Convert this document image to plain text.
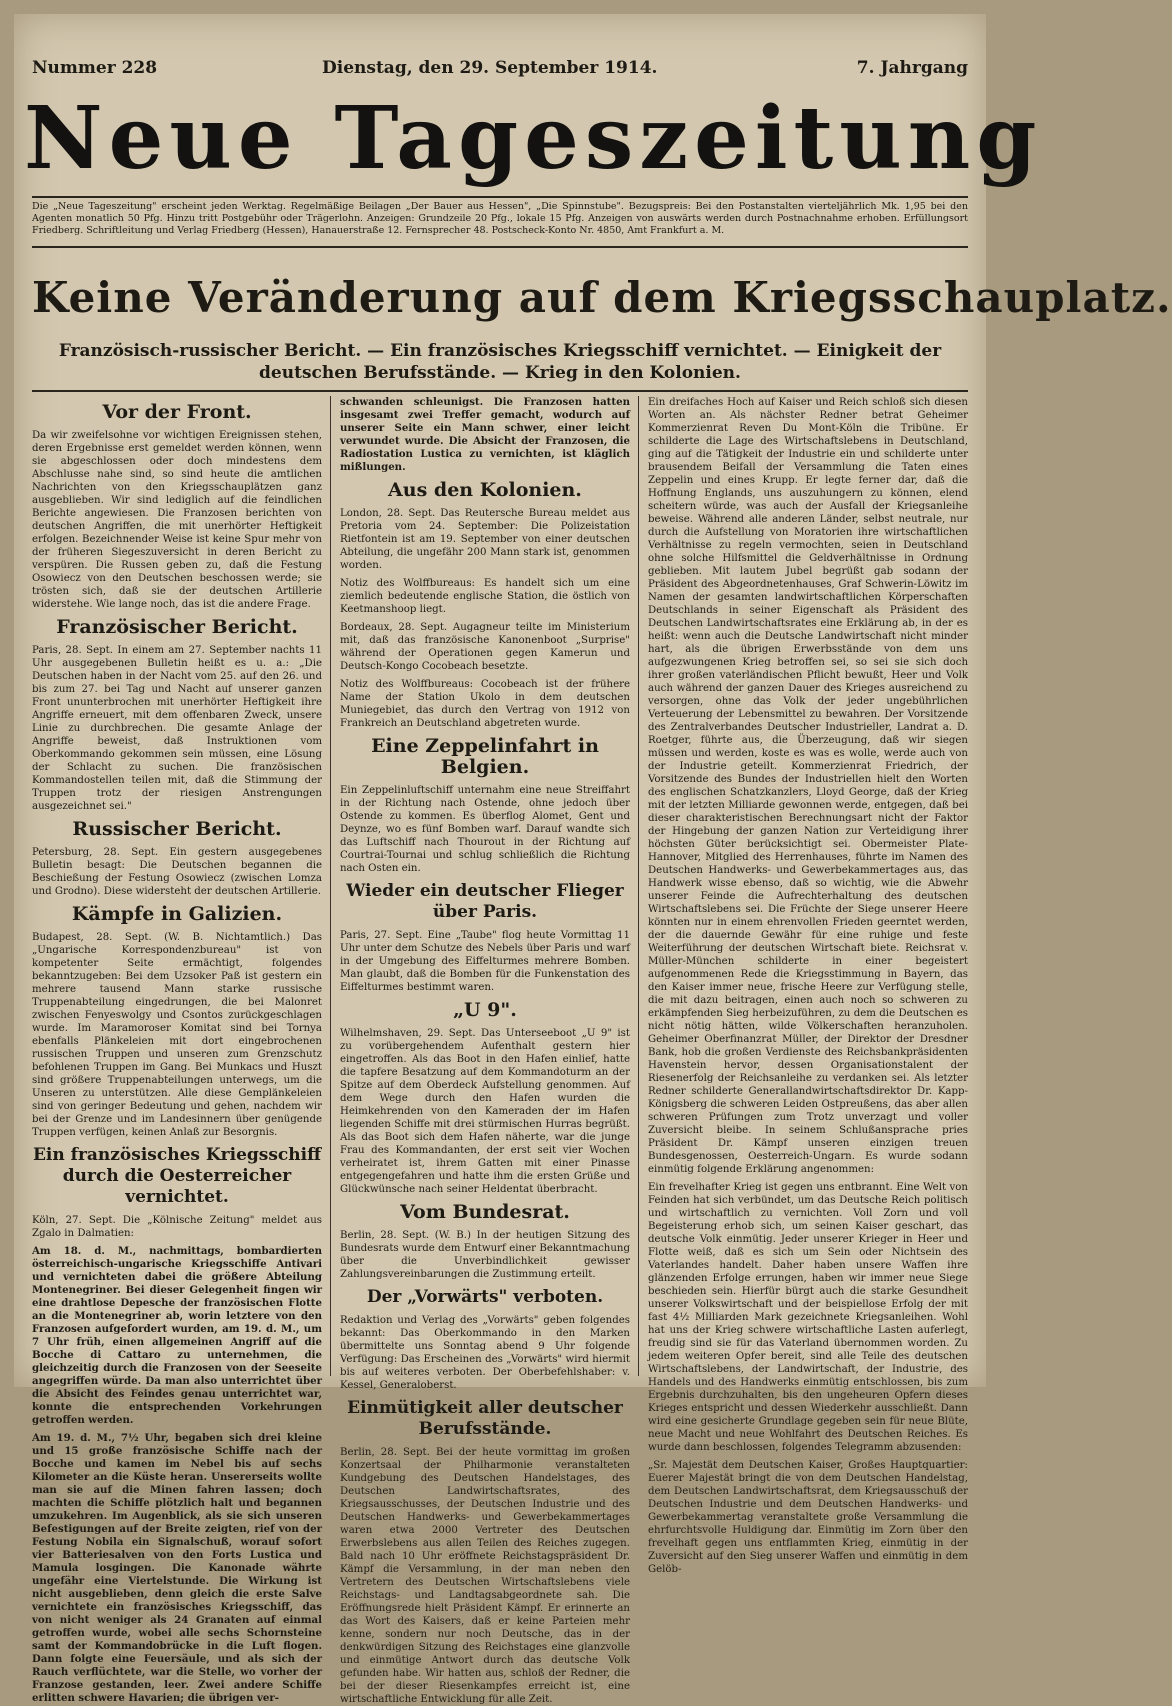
Nummer 228	Dienstag, den 29. September 1914.	7. Jahrgang
Neue Tageszeitung
Die „Neue Tageszeitung" erscheint jeden Werktag. Regelmäßige Beilagen „Der Bauer aus Hessen", „Die Spinnstube". Bezugspreis: Bei den Postanstalten vierteljährlich Mk. 1,95 bei den Agenten monatlich 50 Pfg. Hinzu tritt Postgebühr oder Trägerlohn. Anzeigen: Grundzeile 20 Pfg., lokale 15 Pfg. Anzeigen von auswärts werden durch Postnachnahme erhoben. Erfüllungsort Friedberg. Schriftleitung und Verlag Friedberg (Hessen), Hanauerstraße 12. Fernsprecher 48. Postscheck-Konto Nr. 4850, Amt Frankfurt a. M.
Keine Veränderung auf dem Kriegsschauplatz.
Französisch-russischer Bericht. — Ein französisches Kriegsschiff vernichtet. — Einigkeit der deutschen Berufsstände. — Krieg in den Kolonien.
Vor der Front.

Da wir zweifelsohne vor wichtigen Ereignissen stehen, deren Ergebnisse erst gemeldet werden können, wenn sie abgeschlossen oder doch mindestens dem Abschlusse nahe sind, so sind heute die amtlichen Nachrichten von den Kriegsschauplätzen ganz ausgeblieben. Wir sind lediglich auf die feindlichen Berichte angewiesen. Die Franzosen berichten von deutschen Angriffen, die mit unerhörter Heftigkeit erfolgen. Bezeichnender Weise ist keine Spur mehr von der früheren Siegeszuversicht in deren Bericht zu verspüren. Die Russen geben zu, daß die Festung Osowiecz von den Deutschen beschossen werde; sie trösten sich, daß sie der deutschen Artillerie widerstehe. Wie lange noch, das ist die andere Frage.

Französischer Bericht.

Paris, 28. Sept. In einem am 27. September nachts 11 Uhr ausgegebenen Bulletin heißt es u. a.: „Die Deutschen haben in der Nacht vom 25. auf den 26. und bis zum 27. bei Tag und Nacht auf unserer ganzen Front ununterbrochen mit unerhörter Heftigkeit ihre Angriffe erneuert, mit dem offenbaren Zweck, unsere Linie zu durchbrechen. Die gesamte Anlage der Angriffe beweist, daß Instruktionen vom Oberkommando gekommen sein müssen, eine Lösung der Schlacht zu suchen. Die französischen Kommandostellen teilen mit, daß die Stimmung der Truppen trotz der riesigen Anstrengungen ausgezeichnet sei."

Russischer Bericht.

Petersburg, 28. Sept. Ein gestern ausgegebenes Bulletin besagt: Die Deutschen begannen die Beschießung der Festung Osowiecz (zwischen Lomza und Grodno). Diese widersteht der deutschen Artillerie.

Kämpfe in Galizien.

Budapest, 28. Sept. (W. B. Nichtamtlich.) Das „Ungarische Korrespondenzbureau" ist von kompetenter Seite ermächtigt, folgendes bekanntzugeben: Bei dem Uzsoker Paß ist gestern ein mehrere tausend Mann starke russische Truppenabteilung eingedrungen, die bei Malonret zwischen Fenyeswolgy und Csontos zurückgeschlagen wurde. Im Maramoroser Komitat sind bei Tornya ebenfalls Plänkeleien mit dort eingebrochenen russischen Truppen und unseren zum Grenzschutz befohlenen Truppen im Gang. Bei Munkacs und Huszt sind größere Truppenabteilungen unterwegs, um die Unseren zu unterstützen. Alle diese Gemplänkeleien sind von geringer Bedeutung und gehen, nachdem wir bei der Grenze und im Landesinnern über genügende Truppen verfügen, keinen Anlaß zur Besorgnis.

Ein französisches Kriegsschiff durch die Oesterreicher vernichtet.

Köln, 27. Sept. Die „Kölnische Zeitung" meldet aus Zgalo in Dalmatien:

Am 18. d. M., nachmittags, bombardierten österreichisch-ungarische Kriegsschiffe Antivari und vernichteten dabei die größere Abteilung Montenegriner. Bei dieser Gelegenheit fingen wir eine drahtlose Depesche der französischen Flotte an die Montenegriner ab, worin letztere von den Franzosen aufgefordert wurden, am 19. d. M., um 7 Uhr früh, einen allgemeinen Angriff auf die Bocche di Cattaro zu unternehmen, die gleichzeitig durch die Franzosen von der Seeseite angegriffen würde. Da man also unterrichtet über die Absicht des Feindes genau unterrichtet war, konnte die entsprechenden Vorkehrungen getroffen werden.

Am 19. d. M., 7½ Uhr, begaben sich drei kleine und 15 große französische Schiffe nach der Bocche und kamen im Nebel bis auf sechs Kilometer an die Küste heran. Unsererseits wollte man sie auf die Minen fahren lassen; doch machten die Schiffe plötzlich halt und begannen umzukehren. Im Augenblick, als sie sich unseren Befestigungen auf der Breite zeigten, rief von der Festung Nobila ein Signalschuß, worauf sofort vier Batteriesalven von den Forts Lustica und Mamula losgingen. Die Kanonade währte ungefähr eine Viertelstunde. Die Wirkung ist nicht ausgeblieben, denn gleich die erste Salve vernichtete ein französisches Kriegsschiff, das von nicht weniger als 24 Granaten auf einmal getroffen wurde, wobei alle sechs Schornsteine samt der Kommandobrücke in die Luft flogen. Dann folgte eine Feuersäule, und als sich der Rauch verflüchtete, war die Stelle, wo vorher der Franzose gestanden, leer. Zwei andere Schiffe erlitten schwere Havarien; die übrigen ver-

schwanden schleunigst. Die Franzosen hatten insgesamt zwei Treffer gemacht, wodurch auf unserer Seite ein Mann schwer, einer leicht verwundet wurde. Die Absicht der Franzosen, die Radiostation Lustica zu vernichten, ist kläglich mißlungen.

Aus den Kolonien.

London, 28. Sept. Das Reutersche Bureau meldet aus Pretoria vom 24. September: Die Polizeistation Rietfontein ist am 19. September von einer deutschen Abteilung, die ungefähr 200 Mann stark ist, genommen worden.

Notiz des Wolffbureaus: Es handelt sich um eine ziemlich bedeutende englische Station, die östlich von Keetmanshoop liegt.

Bordeaux, 28. Sept. Augagneur teilte im Ministerium mit, daß das französische Kanonenboot „Surprise" während der Operationen gegen Kamerun und Deutsch-Kongo Cocobeach besetzte.

Notiz des Wolffbureaus: Cocobeach ist der frühere Name der Station Ukolo in dem deutschen Muniegebiet, das durch den Vertrag von 1912 von Frankreich an Deutschland abgetreten wurde.

Eine Zeppelinfahrt in Belgien.

Ein Zeppelinluftschiff unternahm eine neue Streiffahrt in der Richtung nach Ostende, ohne jedoch über Ostende zu kommen. Es überflog Alomet, Gent und Deynze, wo es fünf Bomben warf. Darauf wandte sich das Luftschiff nach Thourout in der Richtung auf Courtrai-Tournai und schlug schließlich die Richtung nach Osten ein.

Wieder ein deutscher Flieger über Paris.

Paris, 27. Sept. Eine „Taube" flog heute Vormittag 11 Uhr unter dem Schutze des Nebels über Paris und warf in der Umgebung des Eiffelturmes mehrere Bomben. Man glaubt, daß die Bomben für die Funkenstation des Eiffelturmes bestimmt waren.

„U 9".

Wilhelmshaven, 29. Sept. Das Unterseeboot „U 9" ist zu vorübergehendem Aufenthalt gestern hier eingetroffen. Als das Boot in den Hafen einlief, hatte die tapfere Besatzung auf dem Kommandoturm an der Spitze auf dem Oberdeck Aufstellung genommen. Auf dem Wege durch den Hafen wurden die Heimkehrenden von den Kameraden der im Hafen liegenden Schiffe mit drei stürmischen Hurras begrüßt. Als das Boot sich dem Hafen näherte, war die junge Frau des Kommandanten, der erst seit vier Wochen verheiratet ist, ihrem Gatten mit einer Pinasse entgegengefahren und hatte ihm die ersten Grüße und Glückwünsche nach seiner Heldentat überbracht.

Vom Bundesrat.

Berlin, 28. Sept. (W. B.) In der heutigen Sitzung des Bundesrats wurde dem Entwurf einer Bekanntmachung über die Unverbindlichkeit gewisser Zahlungsvereinbarungen die Zustimmung erteilt.

Der „Vorwärts" verboten.

Redaktion und Verlag des „Vorwärts" geben folgendes bekannt: Das Oberkommando in den Marken übermittelte uns Sonntag abend 9 Uhr folgende Verfügung: Das Erscheinen des „Vorwärts" wird hiermit bis auf weiteres verboten. Der Oberbefehlshaber: v. Kessel, Generaloberst.

Einmütigkeit aller deutscher Berufsstände.

Berlin, 28. Sept. Bei der heute vormittag im großen Konzertsaal der Philharmonie veranstalteten Kundgebung des Deutschen Handelstages, des Deutschen Landwirtschaftsrates, des Kriegsausschusses, der Deutschen Industrie und des Deutschen Handwerks- und Gewerbekammertages waren etwa 2000 Vertreter des Deutschen Erwerbslebens aus allen Teilen des Reiches zugegen. Bald nach 10 Uhr eröffnete Reichstagspräsident Dr. Kämpf die Versammlung, in der man neben den Vertretern des Deutschen Wirtschaftslebens viele Reichstags- und Landtagsabgeordnete sah. Die Eröffnungsrede hielt Präsident Kämpf. Er erinnerte an das Wort des Kaisers, daß er keine Parteien mehr kenne, sondern nur noch Deutsche, das in der denkwürdigen Sitzung des Reichstages eine glanzvolle und einmütige Antwort durch das deutsche Volk gefunden habe. Wir hatten aus, schloß der Redner, die bei der dieser Riesenkampfes erreicht ist, eine wirtschaftliche Entwicklung für alle Zeit.

Ein dreifaches Hoch auf Kaiser und Reich schloß sich diesen Worten an. Als nächster Redner betrat Geheimer Kommerzienrat Reven Du Mont-Köln die Tribüne. Er schilderte die Lage des Wirtschaftslebens in Deutschland, ging auf die Tätigkeit der Industrie ein und schilderte unter brausendem Beifall der Versammlung die Taten eines Zeppelin und eines Krupp. Er legte ferner dar, daß die Hoffnung Englands, uns auszuhungern zu können, elend scheitern würde, was auch der Ausfall der Kriegsanleihe beweise. Während alle anderen Länder, selbst neutrale, nur durch die Aufstellung von Moratorien ihre wirtschaftlichen Verhältnisse zu regeln vermochten, seien in Deutschland ohne solche Hilfsmittel die Geldverhältnisse in Ordnung geblieben. Mit lautem Jubel begrüßt gab sodann der Präsident des Abgeordnetenhauses, Graf Schwerin-Löwitz im Namen der gesamten landwirtschaftlichen Körperschaften Deutschlands in seiner Eigenschaft als Präsident des Deutschen Landwirtschaftsrates eine Erklärung ab, in der es heißt: wenn auch die Deutsche Landwirtschaft nicht minder hart, als die übrigen Erwerbsstände von dem uns aufgezwungenen Krieg betroffen sei, so sei sie sich doch ihrer großen vaterländischen Pflicht bewußt, Heer und Volk auch während der ganzen Dauer des Krieges ausreichend zu versorgen, ohne das Volk der jeder ungebührlichen Verteuerung der Lebensmittel zu bewahren. Der Vorsitzende des Zentralverbandes Deutscher Industrieller, Landrat a. D. Roetger, führte aus, die Überzeugung, daß wir siegen müssen und werden, koste es was es wolle, werde auch von der Industrie geteilt. Kommerzienrat Friedrich, der Vorsitzende des Bundes der Industriellen hielt den Worten des englischen Schatzkanzlers, Lloyd George, daß der Krieg mit der letzten Milliarde gewonnen werde, entgegen, daß bei dieser charakteristischen Berechnungsart nicht der Faktor der Hingebung der ganzen Nation zur Verteidigung ihrer höchsten Güter berücksichtigt sei. Obermeister Plate-Hannover, Mitglied des Herrenhauses, führte im Namen des Deutschen Handwerks- und Gewerbekammertages aus, das Handwerk wisse ebenso, daß so wichtig, wie die Abwehr unserer Feinde die Aufrechterhaltung des deutschen Wirtschaftslebens sei. Die Früchte der Siege unserer Heere könnten nur in einem ehrenvollen Frieden geerntet werden, der die dauernde Gewähr für eine ruhige und feste Weiterführung der deutschen Wirtschaft biete. Reichsrat v. Müller-München schilderte in einer begeistert aufgenommenen Rede die Kriegsstimmung in Bayern, das den Kaiser immer neue, frische Heere zur Verfügung stelle, die mit dazu beitragen, einen auch noch so schweren zu erkämpfenden Sieg herbeizuführen, zu dem die Deutschen es nicht nötig hätten, wilde Völkerschaften heranzuholen. Geheimer Oberfinanzrat Müller, der Direktor der Dresdner Bank, hob die großen Verdienste des Reichsbankpräsidenten Havenstein hervor, dessen Organisationstalent der Riesenerfolg der Reichsanleihe zu verdanken sei. Als letzter Redner schilderte Generallandwirtschaftsdirektor Dr. Kapp-Königsberg die schweren Leiden Ostpreußens, das aber allen schweren Prüfungen zum Trotz unverzagt und voller Zuversicht bleibe. In seinem Schlußansprache pries Präsident Dr. Kämpf unseren einzigen treuen Bundesgenossen, Oesterreich-Ungarn. Es wurde sodann einmütig folgende Erklärung angenommen:

Ein frevelhafter Krieg ist gegen uns entbrannt. Eine Welt von Feinden hat sich verbündet, um das Deutsche Reich politisch und wirtschaftlich zu vernichten. Voll Zorn und voll Begeisterung erhob sich, um seinen Kaiser geschart, das deutsche Volk einmütig. Jeder unserer Krieger in Heer und Flotte weiß, daß es sich um Sein oder Nichtsein des Vaterlandes handelt. Daher haben unsere Waffen ihre glänzenden Erfolge errungen, haben wir immer neue Siege beschieden sein. Hierfür bürgt auch die starke Gesundheit unserer Volkswirtschaft und der beispiellose Erfolg der mit fast 4½ Milliarden Mark gezeichnete Kriegsanleihen. Wohl hat uns der Krieg schwere wirtschaftliche Lasten auferlegt, freudig sind sie für das Vaterland übernommen worden. Zu jedem weiteren Opfer bereit, sind alle Teile des deutschen Wirtschaftslebens, der Landwirtschaft, der Industrie, des Handels und des Handwerks einmütig entschlossen, bis zum Ergebnis durchzuhalten, bis den ungeheuren Opfern dieses Krieges entspricht und dessen Wiederkehr ausschließt. Dann wird eine gesicherte Grundlage gegeben sein für neue Blüte, neue Macht und neue Wohlfahrt des Deutschen Reiches. Es wurde dann beschlossen, folgendes Telegramm abzusenden:

„Sr. Majestät dem Deutschen Kaiser, Großes Hauptquartier: Euerer Majestät bringt die von dem Deutschen Handelstag, dem Deutschen Landwirtschaftsrat, dem Kriegsausschuß der Deutschen Industrie und dem Deutschen Handwerks- und Gewerbekammertag veranstaltete große Versammlung die ehrfurchtsvolle Huldigung dar. Einmütig im Zorn über den frevelhaft gegen uns entflammten Krieg, einmütig in der Zuversicht auf den Sieg unserer Waffen und einmütig in dem Gelöb-
